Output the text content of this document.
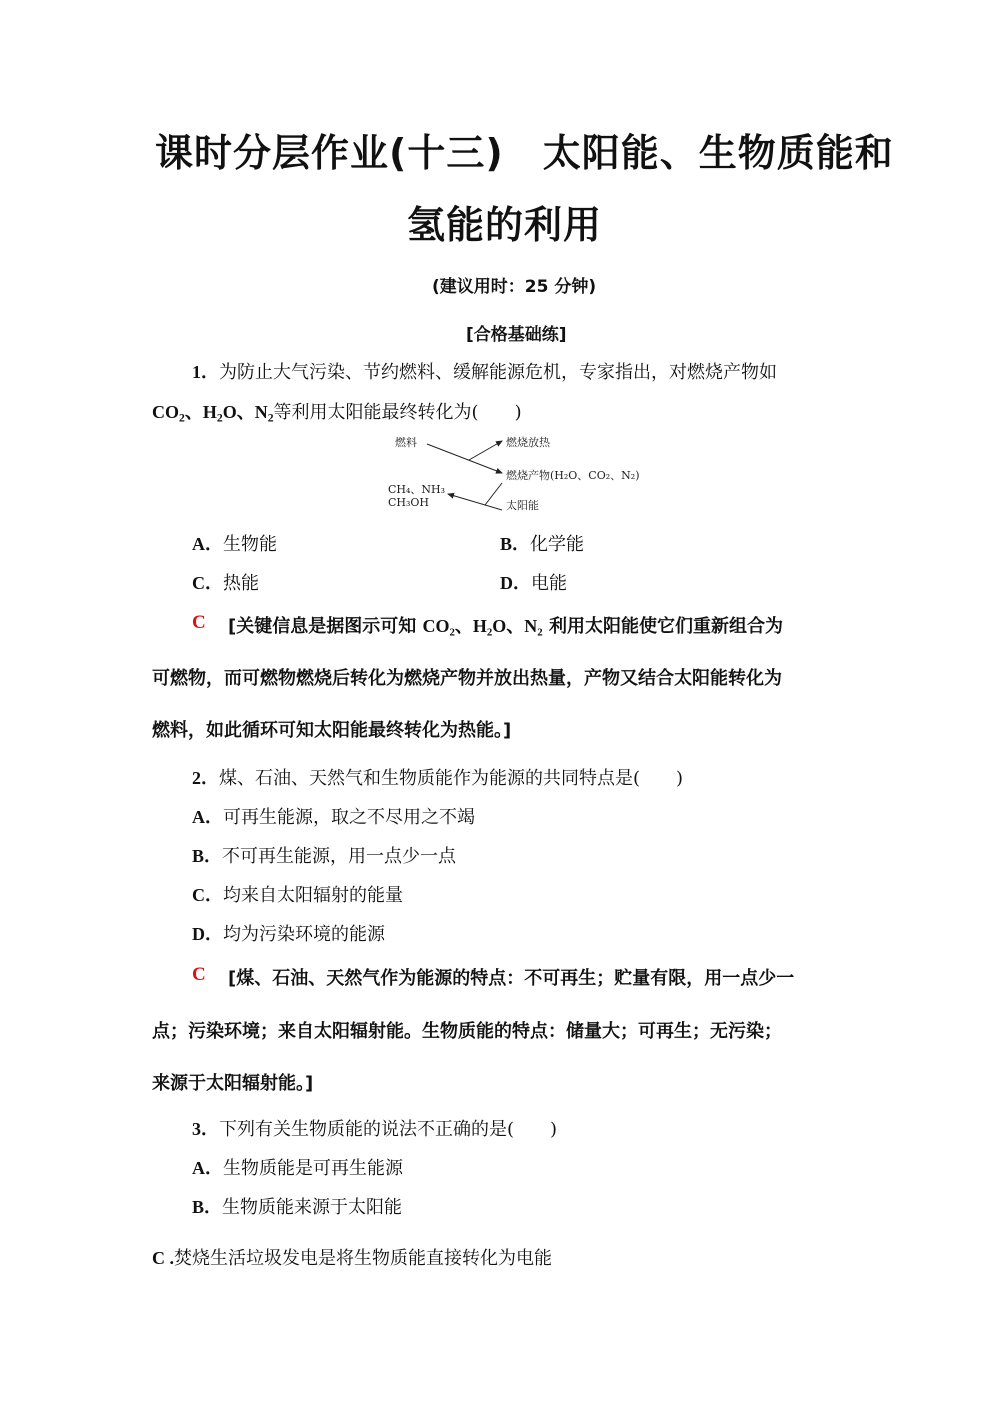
课时分层作业(十三)　太阳能、生物质能和
氢能的利用
(建议用时：25 分钟)
[合格基础练]
1．为防止大气污染、节约燃料、缓解能源危机，专家指出，对燃烧产物如
$CO_2$、$H_2O$、$N_2$等利用太阳能最终转化为(　　)
燃料	燃烧放热
燃烧产物(H₂O、CO₂、N₂)
太阳能
CH₄、NH₃
CH₃OH
A．生物能	B．化学能
C．热能	D．电能
C [关键信息是据图示可知 CO₂、H₂O、N₂ 利用太阳能使它们重新组合为
可燃物，而可燃物燃烧后转化为燃烧产物并放出热量，产物又结合太阳能转化为
燃料，如此循环可知太阳能最终转化为热能。]
2．煤、石油、天然气和生物质能作为能源的共同特点是(　　)
A．可再生能源，取之不尽用之不竭
B．不可再生能源，用一点少一点
C．均来自太阳辐射的能量
D．均为污染环境的能源
C [煤、石油、天然气作为能源的特点：不可再生；贮量有限，用一点少一
点；污染环境；来自太阳辐射能。生物质能的特点：储量大；可再生；无污染；
来源于太阳辐射能。]
3．下列有关生物质能的说法不正确的是(　　)
A．生物质能是可再生能源
B．生物质能来源于太阳能
C .焚烧生活垃圾发电是将生物质能直接转化为电能
